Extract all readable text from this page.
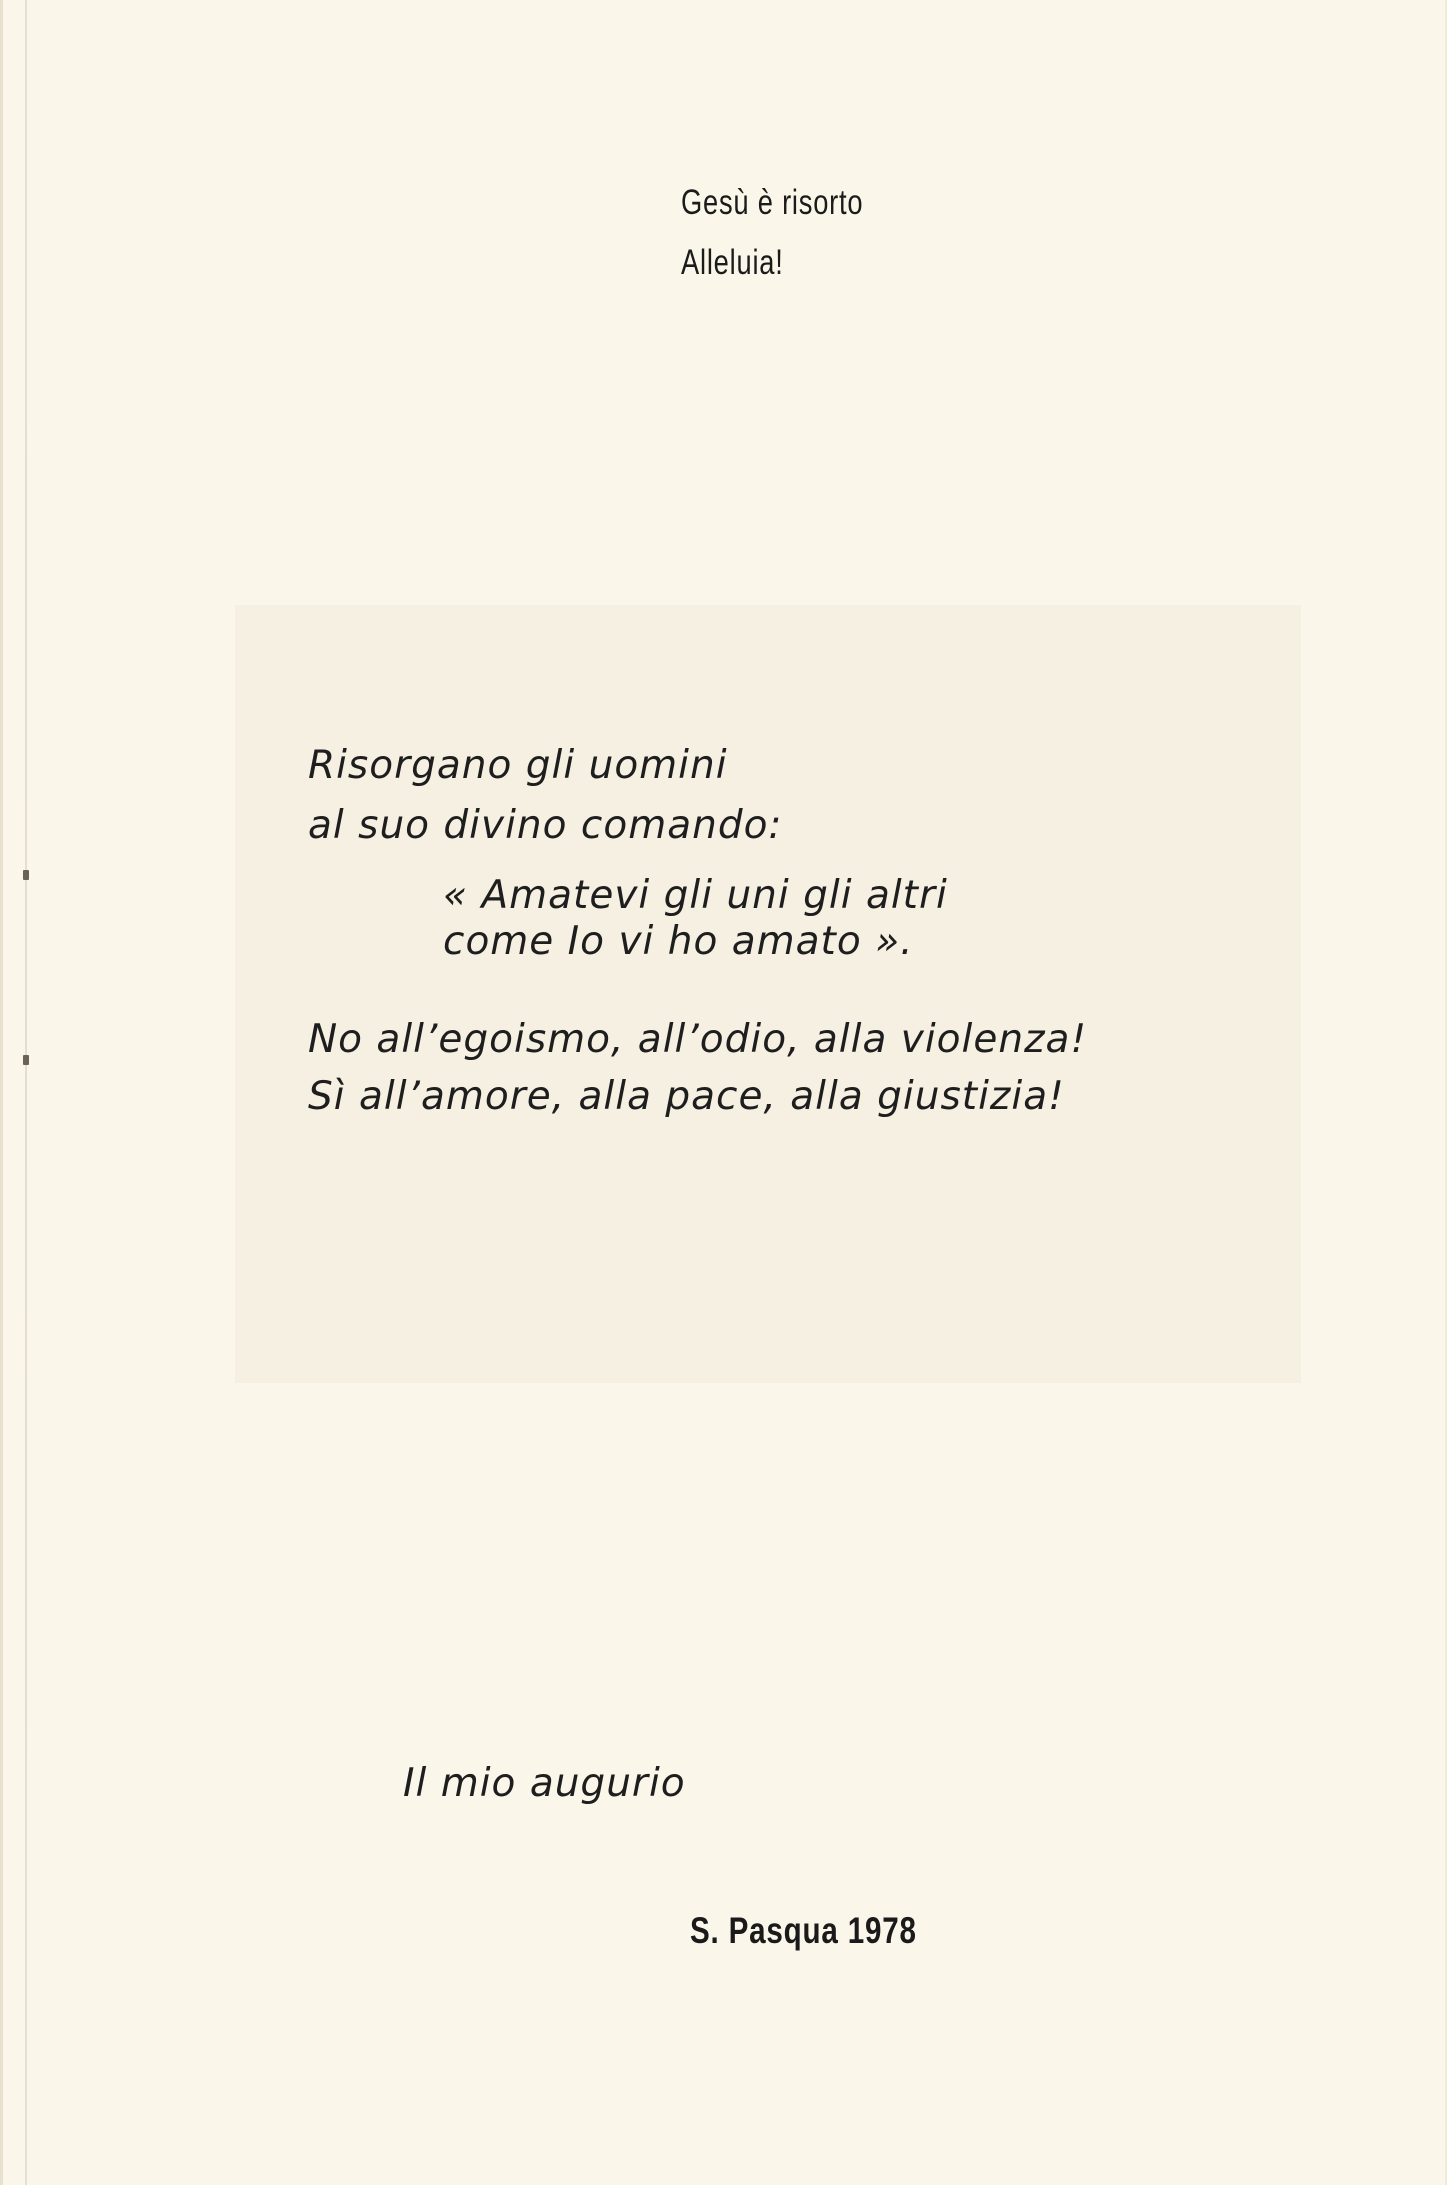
Gesù è risorto
Alleluia!
Risorgano gli uomini
al suo divino comando:
« Amatevi gli uni gli altri
come Io vi ho amato ».
No all’egoismo, all’odio, alla violenza!
Sì all’amore, alla pace, alla giustizia!
Il mio augurio
S. Pasqua 1978
